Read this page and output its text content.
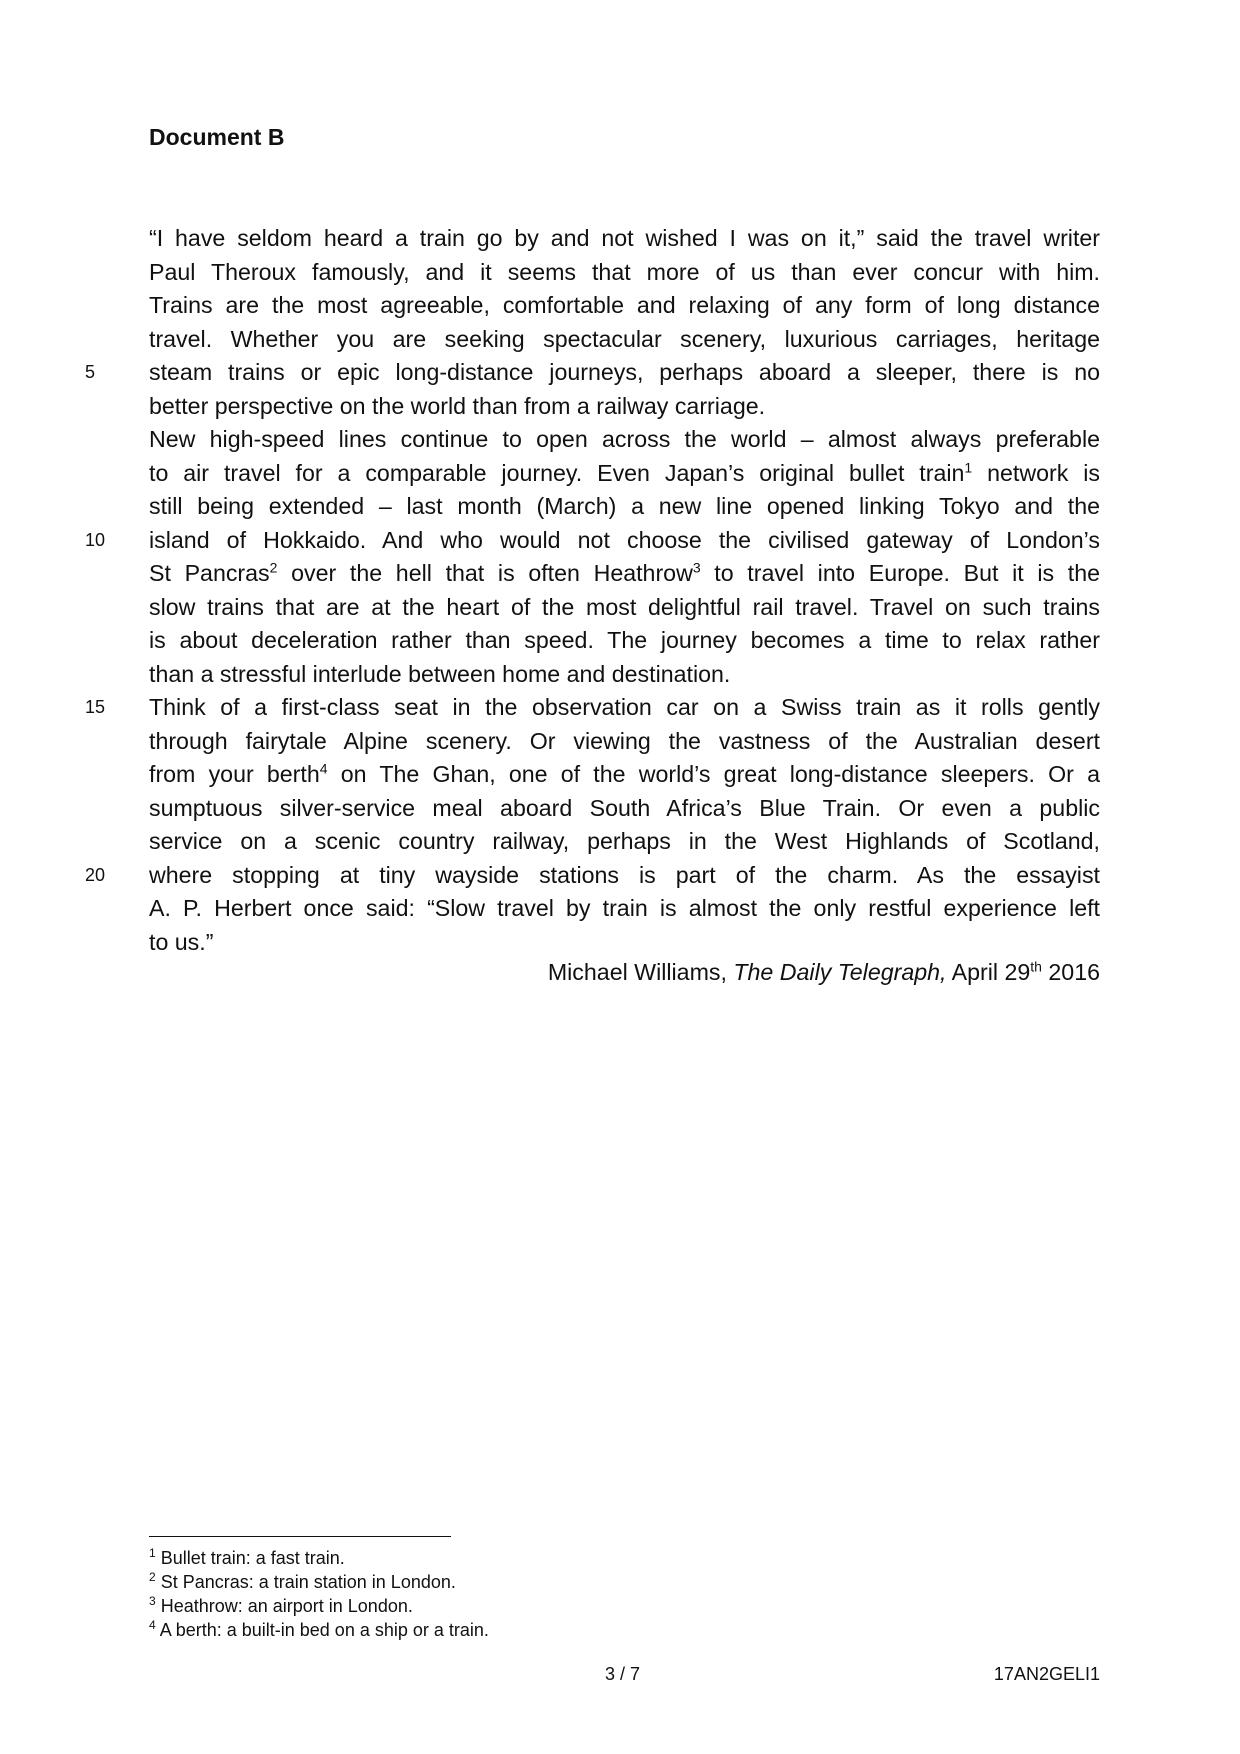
Document B
“I have seldom heard a train go by and not wished I was on it,” said the travel writer
Paul Theroux famously, and it seems that more of us than ever concur with him.
Trains are the most agreeable, comfortable and relaxing of any form of long distance
travel. Whether you are seeking spectacular scenery, luxurious carriages, heritage
5	steam trains or epic long-distance journeys, perhaps aboard a sleeper, there is no
better perspective on the world than from a railway carriage.
New high-speed lines continue to open across the world – almost always preferable
to air travel for a comparable journey. Even Japan’s original bullet train$^1$ network is
still being extended – last month (March) a new line opened linking Tokyo and the
10	island of Hokkaido. And who would not choose the civilised gateway of London’s
St Pancras$^2$ over the hell that is often Heathrow$^3$ to travel into Europe. But it is the
slow trains that are at the heart of the most delightful rail travel. Travel on such trains
is about deceleration rather than speed. The journey becomes a time to relax rather
than a stressful interlude between home and destination.
15	Think of a first-class seat in the observation car on a Swiss train as it rolls gently
through fairytale Alpine scenery. Or viewing the vastness of the Australian desert
from your berth$^4$ on The Ghan, one of the world’s great long-distance sleepers. Or a
sumptuous silver-service meal aboard South Africa’s Blue Train. Or even a public
service on a scenic country railway, perhaps in the West Highlands of Scotland,
20	where stopping at tiny wayside stations is part of the charm. As the essayist
A. P. Herbert once said: “Slow travel by train is almost the only restful experience left
to us.”
Michael Williams, The Daily Telegraph, April 29th 2016
$^1$ Bullet train: a fast train.
$^2$ St Pancras: a train station in London.
$^3$ Heathrow: an airport in London.
$^4$ A berth: a built-in bed on a ship or a train.
3 / 7	17AN2GELI1
